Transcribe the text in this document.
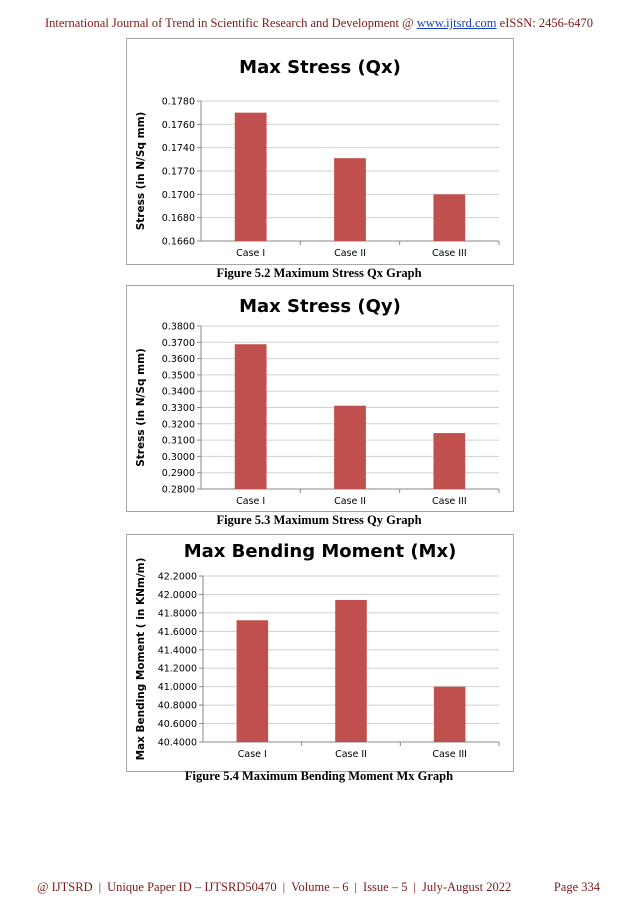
International Journal of Trend in Scientific Research and Development @ www.ijtsrd.com eISSN: 2456-6470
Max Stress (Qx)
0.1660
0.1680
0.1700
0.1770
0.1740
0.1760
0.1780
Case I	Case II	Case III
Stress (in N/Sq mm)
Figure 5.2 Maximum Stress Qx Graph
Max Stress (Qy)
0.2800
0.2900
0.3000
0.3100
0.3200
0.3300
0.3400
0.3500
0.3600
0.3700
0.3800
Case I	Case II	Case III
Stress (in N/Sq mm)
Figure 5.3 Maximum Stress Qy Graph
Max Bending Moment (Mx)
40.4000
40.6000
40.8000
41.0000
41.2000
41.4000
41.6000
41.8000
42.0000
42.2000
Case I	Case II	Case III
Max Bending Moment ( in KNm/m)
Figure 5.4 Maximum Bending Moment Mx Graph
@ IJTSRD | Unique Paper ID – IJTSRD50470 | Volume – 6 | Issue – 5 | July-August 2022	Page 334
